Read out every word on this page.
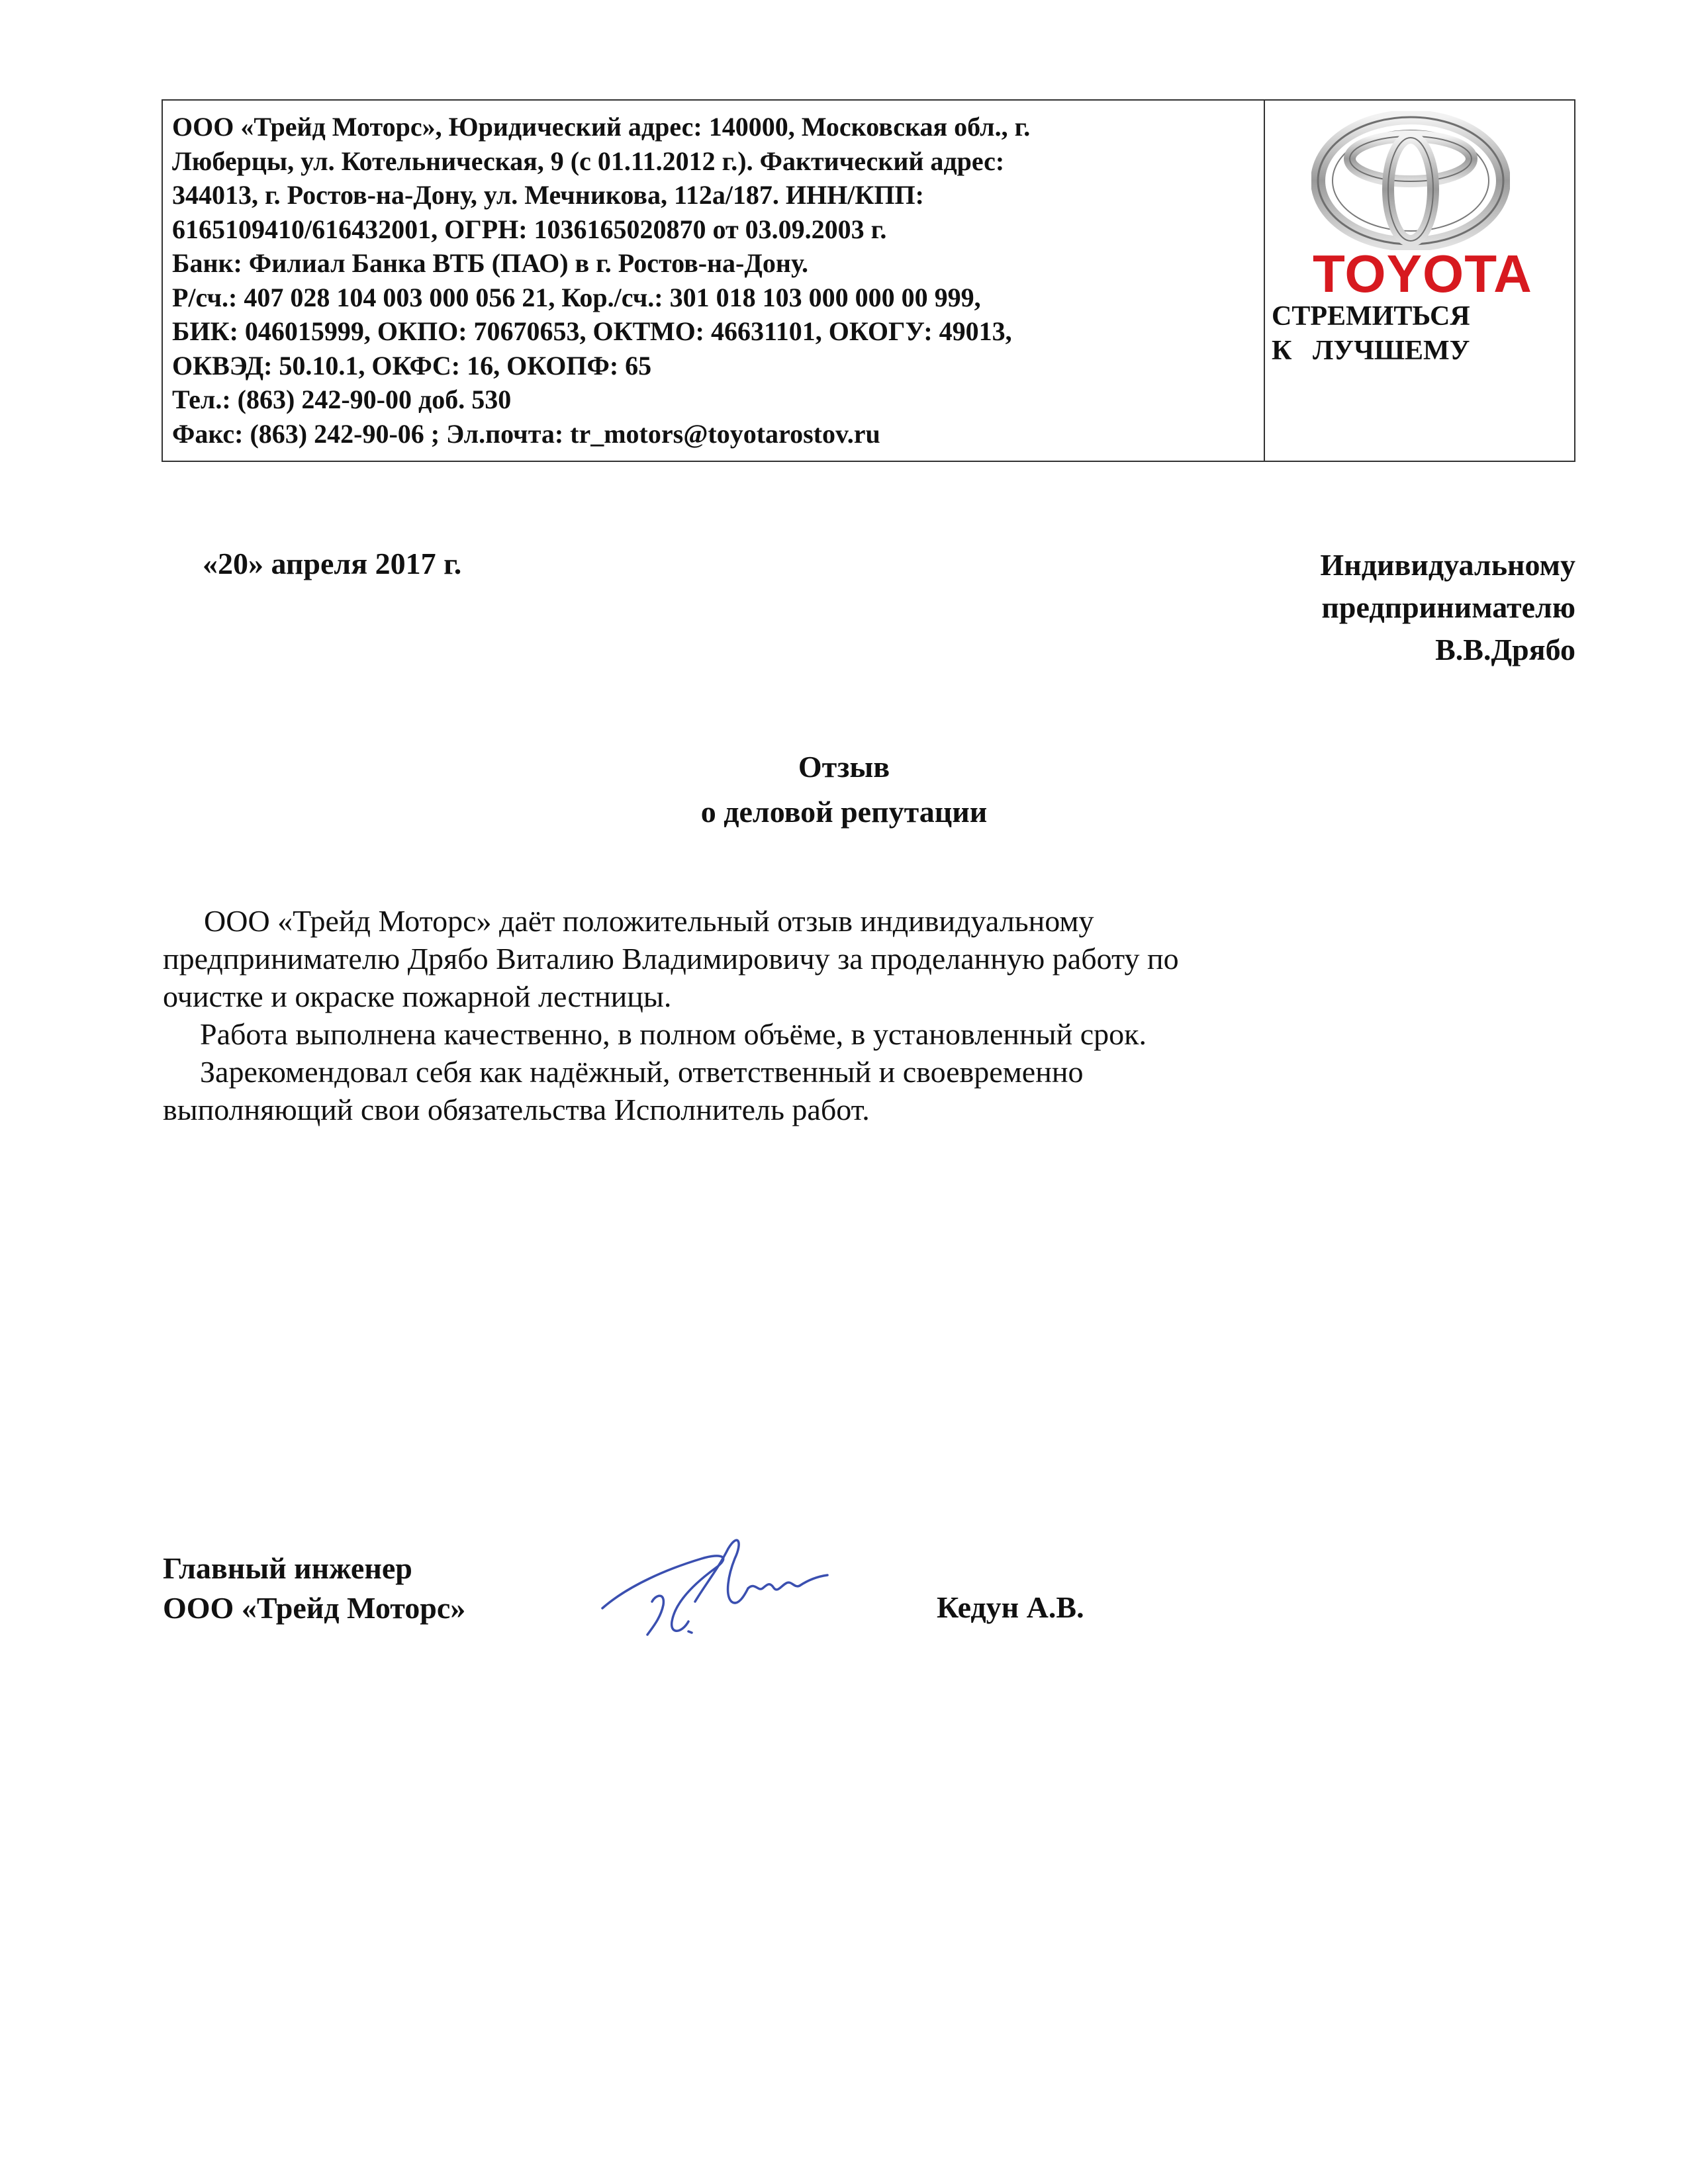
ООО «Трейд Моторс», Юридический адрес: 140000, Московская обл., г.
Люберцы, ул. Котельническая, 9 (с 01.11.2012 г.). Фактический адрес:
344013, г. Ростов-на-Дону, ул. Мечникова, 112а/187. ИНН/КПП:
6165109410/616432001, ОГРН: 1036165020870 от 03.09.2003 г.
Банк: Филиал Банка ВТБ (ПАО) в г. Ростов-на-Дону.
Р/сч.: 407 028 104 003 000 056 21, Кор./сч.: 301 018 103 000 000 00 999,
БИК: 046015999, ОКПО: 70670653, ОКТМО: 46631101, ОКОГУ: 49013,
ОКВЭД: 50.10.1, ОКФС: 16, ОКОПФ: 65
Тел.: (863) 242-90-00 доб. 530
Факс: (863) 242-90-06 ; Эл.почта: tr_motors@toyotarostov.ru
TOYOTA
СТРЕМИТЬСЯ
К   ЛУЧШЕМУ
«20» апреля 2017 г.	Индивидуальному
предпринимателю
В.В.Дрябо
Отзыв
о деловой репутации
ООО «Трейд Моторс» даёт положительный отзыв индивидуальному
предпринимателю Дрябо Виталию Владимировичу за проделанную работу по
очистке и окраске пожарной лестницы.
Работа выполнена качественно, в полном объёме, в установленный срок.
Зарекомендовал себя как надёжный, ответственный и своевременно
выполняющий свои обязательства Исполнитель работ.
Главный инженер
ООО «Трейд Моторс»	Кедун А.В.
